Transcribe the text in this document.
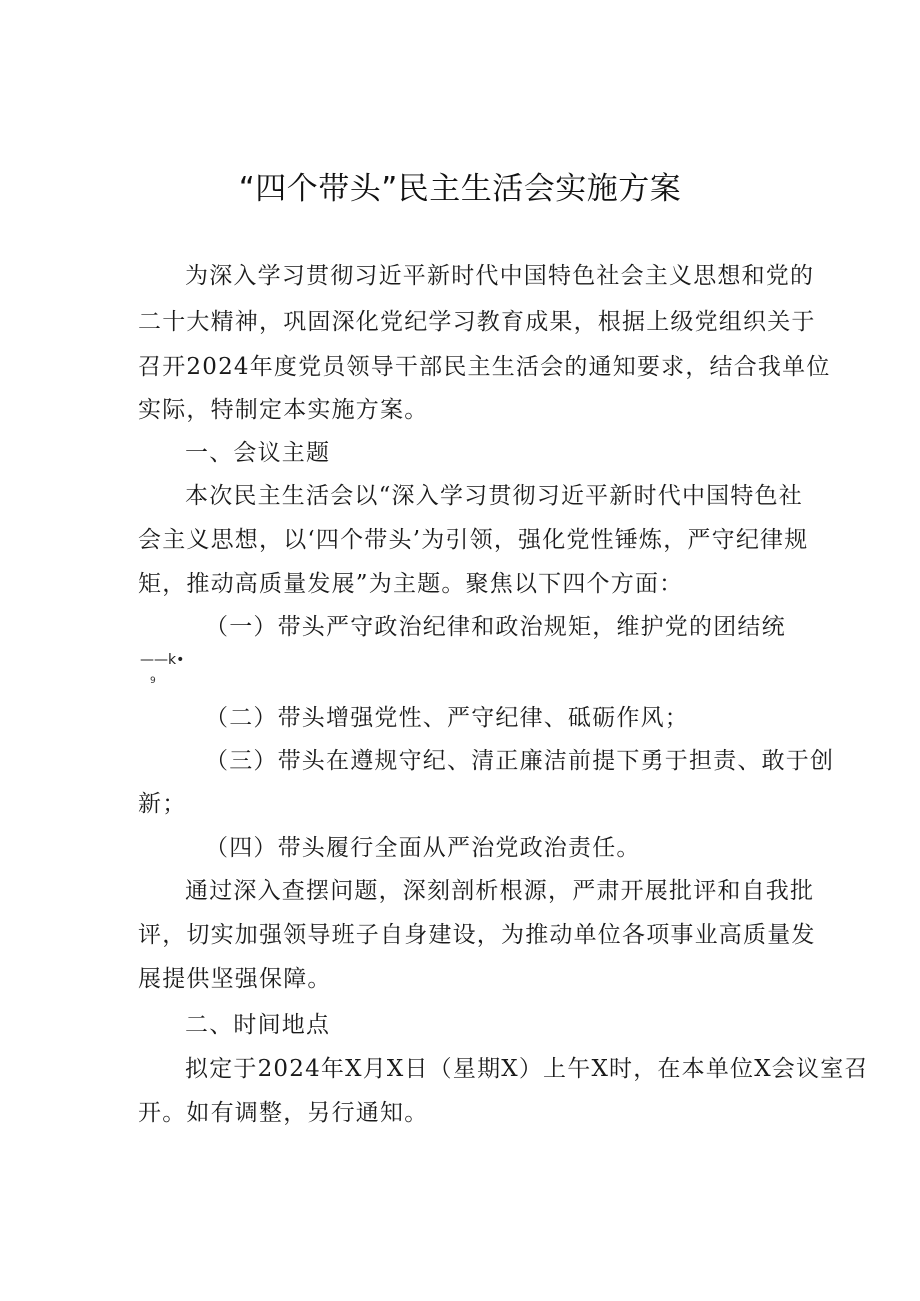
“四个带头”民主生活会实施方案
为深入学习贯彻习近平新时代中国特色社会主义思想和党的
二十大精神，巩固深化党纪学习教育成果，根据上级党组织关于
召开2024年度党员领导干部民主生活会的通知要求，结合我单位
实际，特制定本实施方案。
一、会议主题
本次民主生活会以“深入学习贯彻习近平新时代中国特色社
会主义思想，以‘四个带头’为引领，强化党性锤炼，严守纪律规
矩，推动高质量发展”为主题。聚焦以下四个方面：
（一）带头严守政治纪律和政治规矩，维护党的团结统
——k•
9
（二）带头增强党性、严守纪律、砥砺作风；
（三）带头在遵规守纪、清正廉洁前提下勇于担责、敢于创
新；
（四）带头履行全面从严治党政治责任。
通过深入查摆问题，深刻剖析根源，严肃开展批评和自我批
评，切实加强领导班子自身建设，为推动单位各项事业高质量发
展提供坚强保障。
二、时间地点
拟定于2024年X月X日（星期X）上午X时，在本单位X会议室召
开。如有调整，另行通知。
